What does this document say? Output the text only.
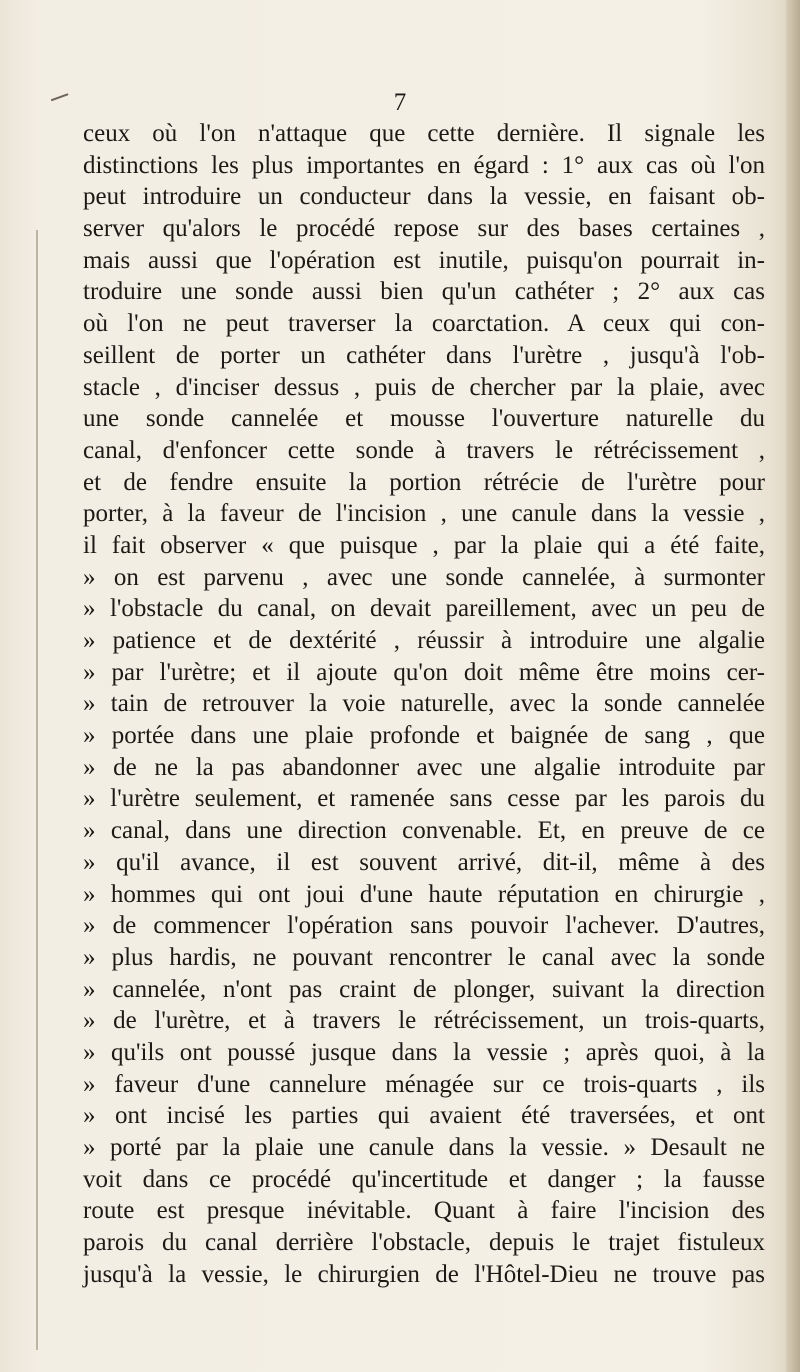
7
ceux où l'on n'attaque que cette dernière. Il signale les
distinctions les plus importantes en égard : 1° aux cas où l'on
peut introduire un conducteur dans la vessie, en faisant ob-
server qu'alors le procédé repose sur des bases certaines ,
mais aussi que l'opération est inutile, puisqu'on pourrait in-
troduire une sonde aussi bien qu'un cathéter ; 2° aux cas
où l'on ne peut traverser la coarctation. A ceux qui con-
seillent de porter un cathéter dans l'urètre , jusqu'à l'ob-
stacle , d'inciser dessus , puis de chercher par la plaie, avec
une sonde cannelée et mousse l'ouverture naturelle du
canal, d'enfoncer cette sonde à travers le rétrécissement ,
et de fendre ensuite la portion rétrécie de l'urètre pour
porter, à la faveur de l'incision , une canule dans la vessie ,
il fait observer « que puisque , par la plaie qui a été faite,
» on est parvenu , avec une sonde cannelée, à surmonter
» l'obstacle du canal, on devait pareillement, avec un peu de
» patience et de dextérité , réussir à introduire une algalie
» par l'urètre; et il ajoute qu'on doit même être moins cer-
» tain de retrouver la voie naturelle, avec la sonde cannelée
» portée dans une plaie profonde et baignée de sang , que
» de ne la pas abandonner avec une algalie introduite par
» l'urètre seulement, et ramenée sans cesse par les parois du
» canal, dans une direction convenable. Et, en preuve de ce
» qu'il avance, il est souvent arrivé, dit-il, même à des
» hommes qui ont joui d'une haute réputation en chirurgie ,
» de commencer l'opération sans pouvoir l'achever. D'autres,
» plus hardis, ne pouvant rencontrer le canal avec la sonde
» cannelée, n'ont pas craint de plonger, suivant la direction
» de l'urètre, et à travers le rétrécissement, un trois-quarts,
» qu'ils ont poussé jusque dans la vessie ; après quoi, à la
» faveur d'une cannelure ménagée sur ce trois-quarts , ils
» ont incisé les parties qui avaient été traversées, et ont
» porté par la plaie une canule dans la vessie. » Desault ne
voit dans ce procédé qu'incertitude et danger ; la fausse
route est presque inévitable. Quant à faire l'incision des
parois du canal derrière l'obstacle, depuis le trajet fistuleux
jusqu'à la vessie, le chirurgien de l'Hôtel-Dieu ne trouve pas
